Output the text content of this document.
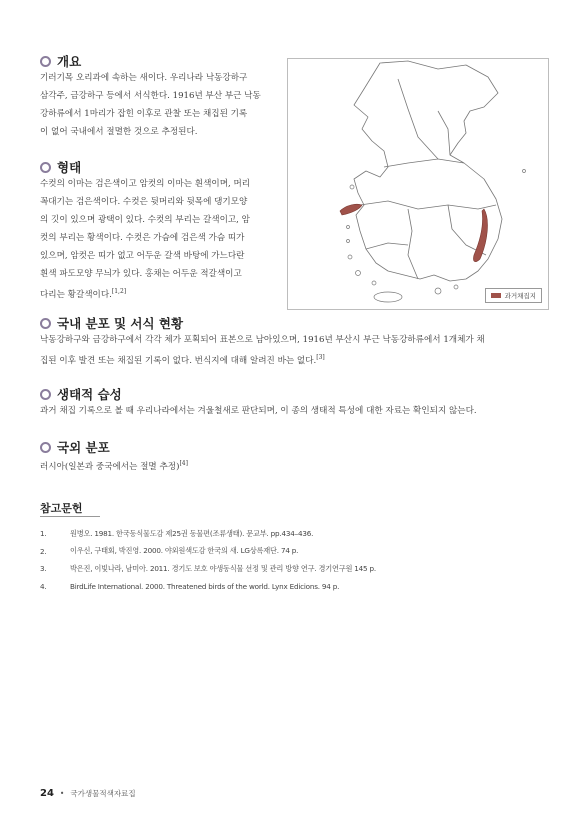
개요
기러기목 오리과에 속하는 새이다. 우리나라 낙동강하구
삼각주, 금강하구 등에서 서식한다. 1916년 부산 부근 낙동
강하류에서 1마리가 잡힌 이후로 관찰 또는 채집된 기록
이 없어 국내에서 절멸한 것으로 추정된다.
형태
수컷의 이마는 검은색이고 암컷의 이마는 흰색이며, 머리
꼭대기는 검은색이다. 수컷은 뒷머리와 뒷목에 댕기모양
의 깃이 있으며 광택이 있다. 수컷의 부리는 갈색이고, 암
컷의 부리는 황색이다. 수컷은 가슴에 검은색 가슴 띠가
있으며, 암컷은 띠가 없고 어두운 갈색 바탕에 가느다란
흰색 파도모양 무늬가 있다. 홍채는 어두운 적갈색이고
다리는 황갈색이다.[1,2]
과거채집지
국내 분포 및 서식 현황
낙동강하구와 금강하구에서 각각 체가 포획되어 표본으로 남아있으며, 1916년 부산시 부근 낙동강하류에서 1개체가 채
집된 이후 발견 또는 채집된 기록이 없다. 번식지에 대해 알려진 바는 없다.[3]
생태적 습성
과거 채집 기록으로 볼 때 우리나라에서는 겨울철새로 판단되며, 이 종의 생태적 특성에 대한 자료는 확인되지 않는다.
국외 분포
러시아(일본과 중국에서는 절멸 추정)[4]
참고문헌
1.	원병오. 1981. 한국동식물도감 제25권 동물편(조류생태). 문교부. pp.434–436.
2.	이우신, 구태회, 박진영. 2000. 야외원색도감 한국의 새. LG상록재단. 74 p.
3.	박은진, 이빛나라, 남미아. 2011. 경기도 보호 야생동식물 선정 및 관리 방향 연구. 경기연구원 145 p.
4.	BirdLife International. 2000. Threatened birds of the world. Lynx Edicions. 94 p.
24 • 국가생물적색자료집
